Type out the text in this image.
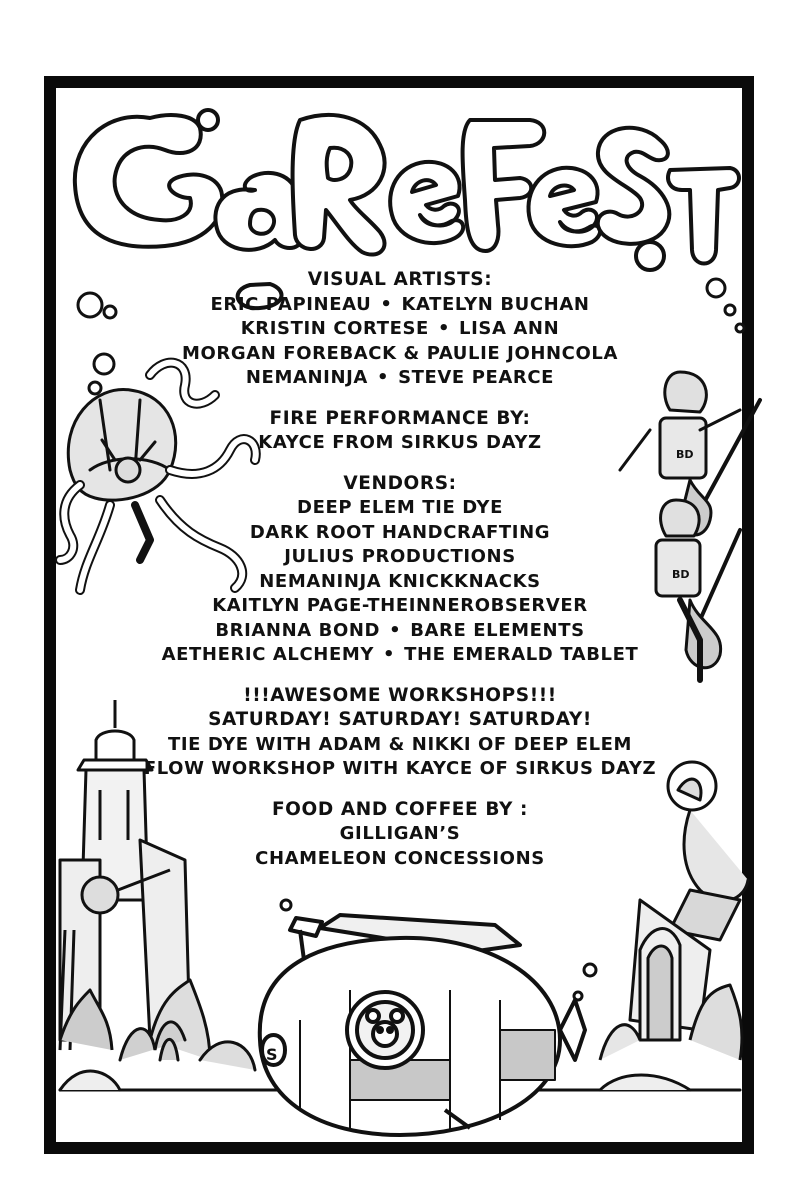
BD
BD
S

VISUAL ARTISTS:

ERIC PAPINEAU • KATELYN BUCHAN

KRISTIN CORTESE • LISA ANN

MORGAN FOREBACK & PAULIE JOHNCOLA

NEMANINJA • STEVE PEARCE

FIRE PERFORMANCE BY:

KAYCE FROM SIRKUS DAYZ

VENDORS:

DEEP ELEM TIE DYE

DARK ROOT HANDCRAFTING

JULIUS PRODUCTIONS

NEMANINJA KNICKKNACKS

KAITLYN PAGE-THEINNEROBSERVER

BRIANNA BOND • BARE ELEMENTS

AETHERIC ALCHEMY • THE EMERALD TABLET

!!!AWESOME WORKSHOPS!!!

SATURDAY! SATURDAY! SATURDAY!

TIE DYE WITH ADAM & NIKKI OF DEEP ELEM

FLOW WORKSHOP WITH KAYCE OF SIRKUS DAYZ

FOOD AND COFFEE BY :

GILLIGAN’S

CHAMELEON CONCESSIONS
